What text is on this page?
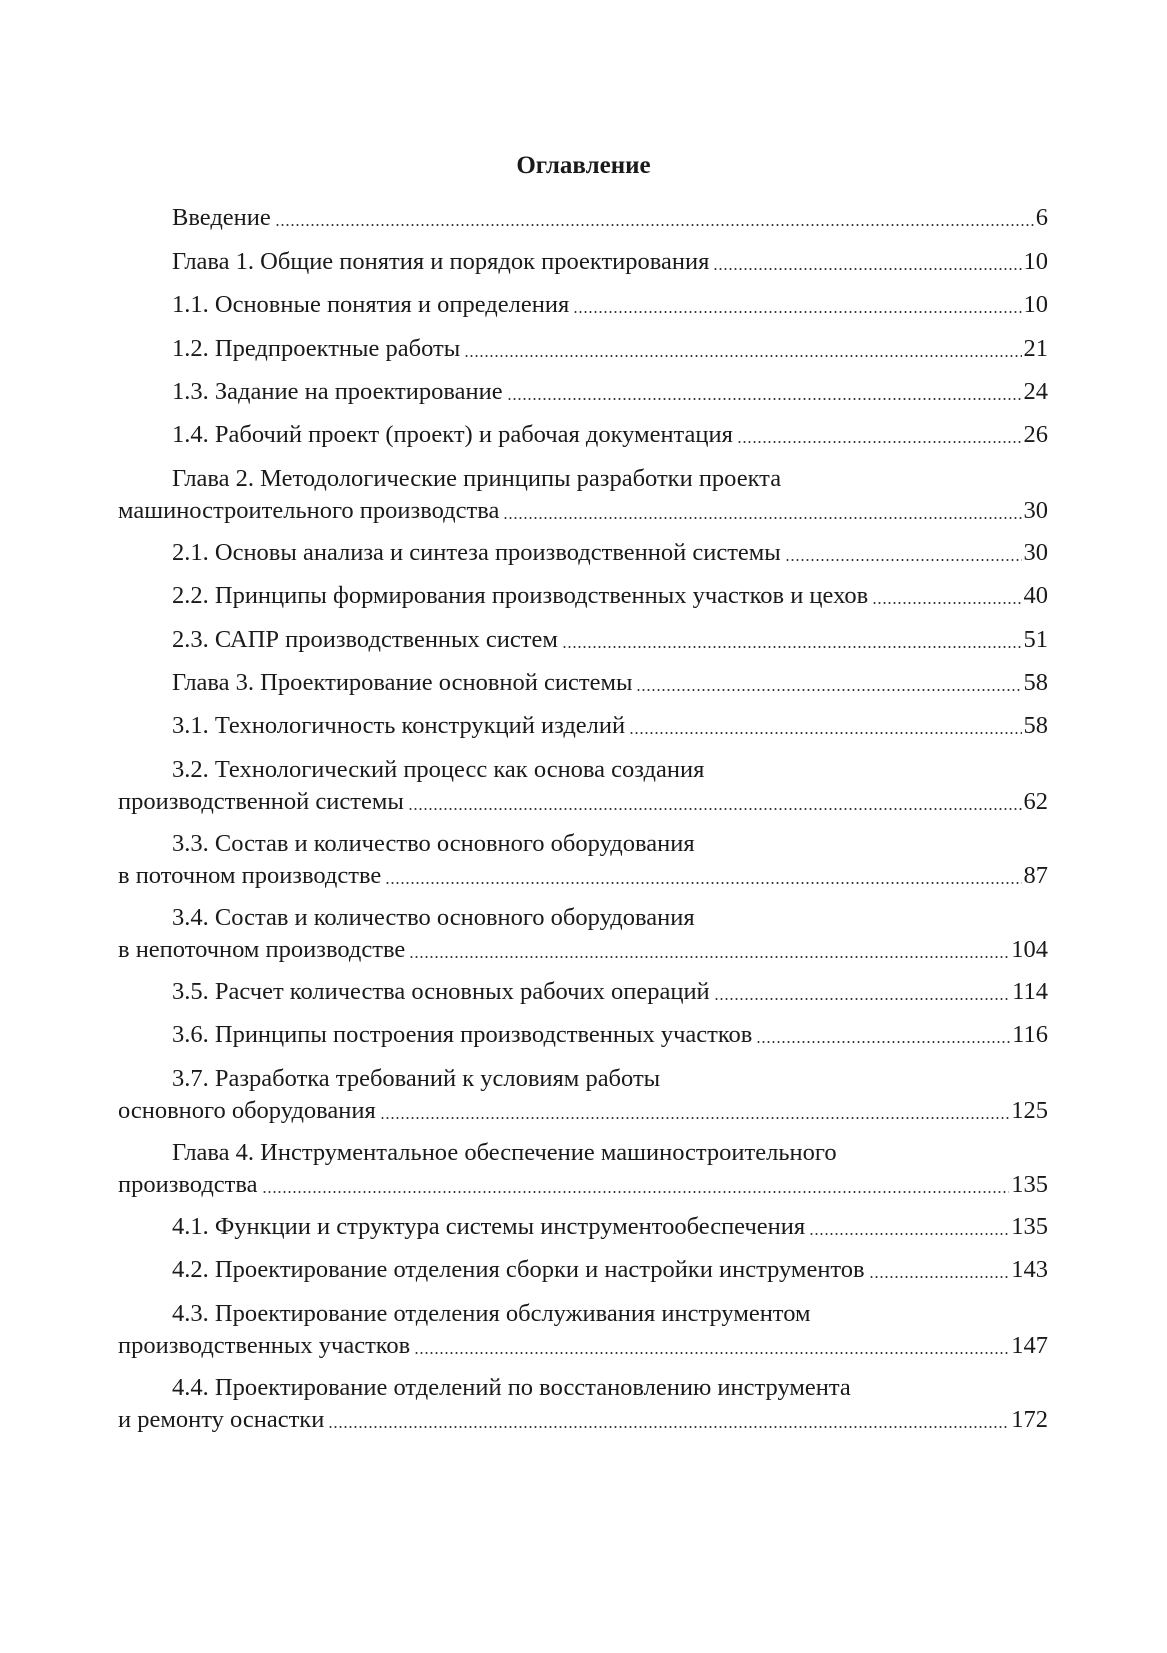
Оглавление
Введение	6
Глава 1. Общие понятия и порядок проектирования	10
1.1. Основные понятия и определения	10
1.2. Предпроектные работы	21
1.3. Задание на проектирование	24
1.4. Рабочий проект (проект) и рабочая документация	26
Глава 2. Методологические принципы разработки проекта
машиностроительного производства	30
2.1. Основы анализа и синтеза производственной системы	30
2.2. Принципы формирования производственных участков и цехов	40
2.3. САПР производственных систем	51
Глава 3. Проектирование основной системы	58
3.1. Технологичность конструкций изделий	58
3.2. Технологический процесс как основа создания
производственной системы	62
3.3. Состав и количество основного оборудования
в поточном производстве	87
3.4. Состав и количество основного оборудования
в непоточном производстве	104
3.5. Расчет количества основных рабочих операций	114
3.6. Принципы построения производственных участков	116
3.7. Разработка требований к условиям работы
основного оборудования	125
Глава 4. Инструментальное обеспечение машиностроительного
производства	135
4.1. Функции и структура системы инструментообеспечения	135
4.2. Проектирование отделения сборки и настройки инструментов	143
4.3. Проектирование отделения обслуживания инструментом
производственных участков	147
4.4. Проектирование отделений по восстановлению инструмента
и ремонту оснастки	172
